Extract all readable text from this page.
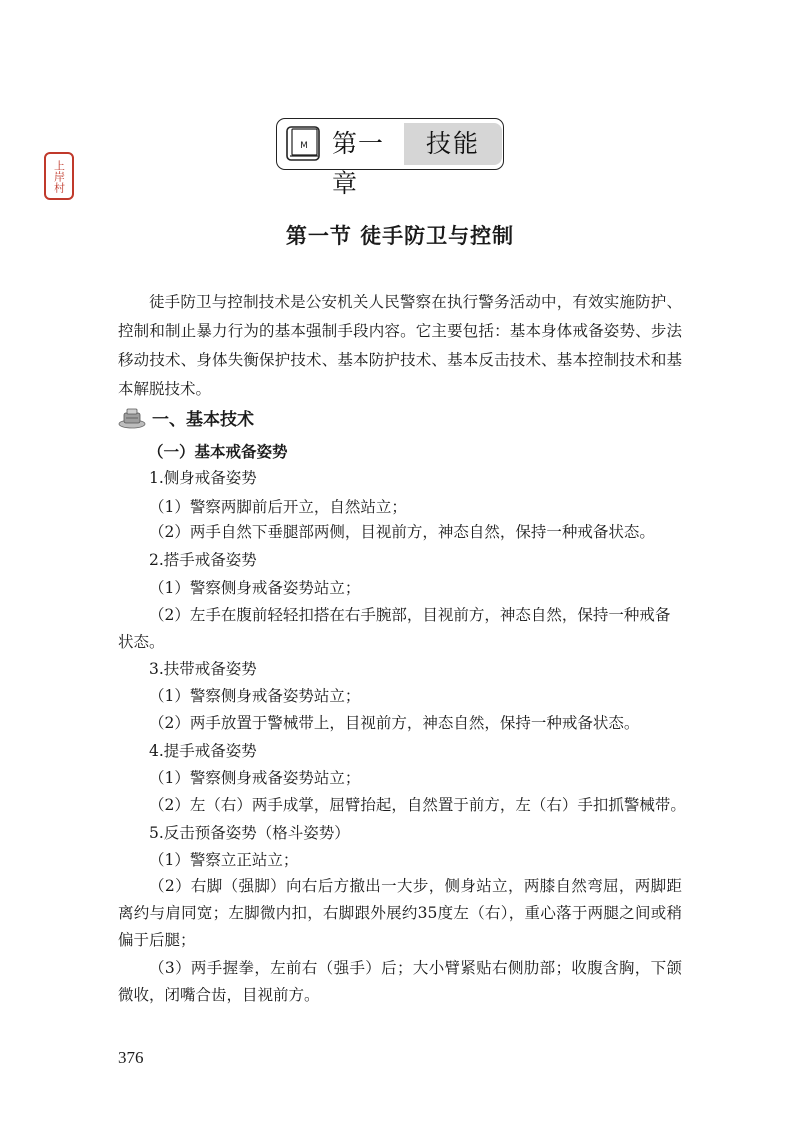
上岸村
M 第一章
技能
第一节 徒手防卫与控制
徒手防卫与控制技术是公安机关人民警察在执行警务活动中，有效实施防护、控制和制止暴力行为的基本强制手段内容。它主要包括：基本身体戒备姿势、步法移动技术、身体失衡保护技术、基本防护技术、基本反击技术、基本控制技术和基本解脱技术。
一、基本技术
（一）基本戒备姿势
1.侧身戒备姿势
（1）警察两脚前后开立，自然站立；
（2）两手自然下垂腿部两侧，目视前方，神态自然，保持一种戒备状态。
2.搭手戒备姿势
（1）警察侧身戒备姿势站立；
（2）左手在腹前轻轻扣搭在右手腕部，目视前方，神态自然，保持一种戒备
状态。
3.扶带戒备姿势
（1）警察侧身戒备姿势站立；
（2）两手放置于警械带上，目视前方，神态自然，保持一种戒备状态。
4.提手戒备姿势
（1）警察侧身戒备姿势站立；
（2）左（右）两手成掌，屈臂抬起，自然置于前方，左（右）手扣抓警械带。
5.反击预备姿势（格斗姿势）
（1）警察立正站立；
（2）右脚（强脚）向右后方撤出一大步，侧身站立，两膝自然弯屈，两脚距离约与肩同宽；左脚微内扣，右脚跟外展约35度左（右），重心落于两腿之间或稍偏于后腿；
（3）两手握拳，左前右（强手）后；大小臂紧贴右侧肋部；收腹含胸，下颌微收，闭嘴合齿，目视前方。
376
